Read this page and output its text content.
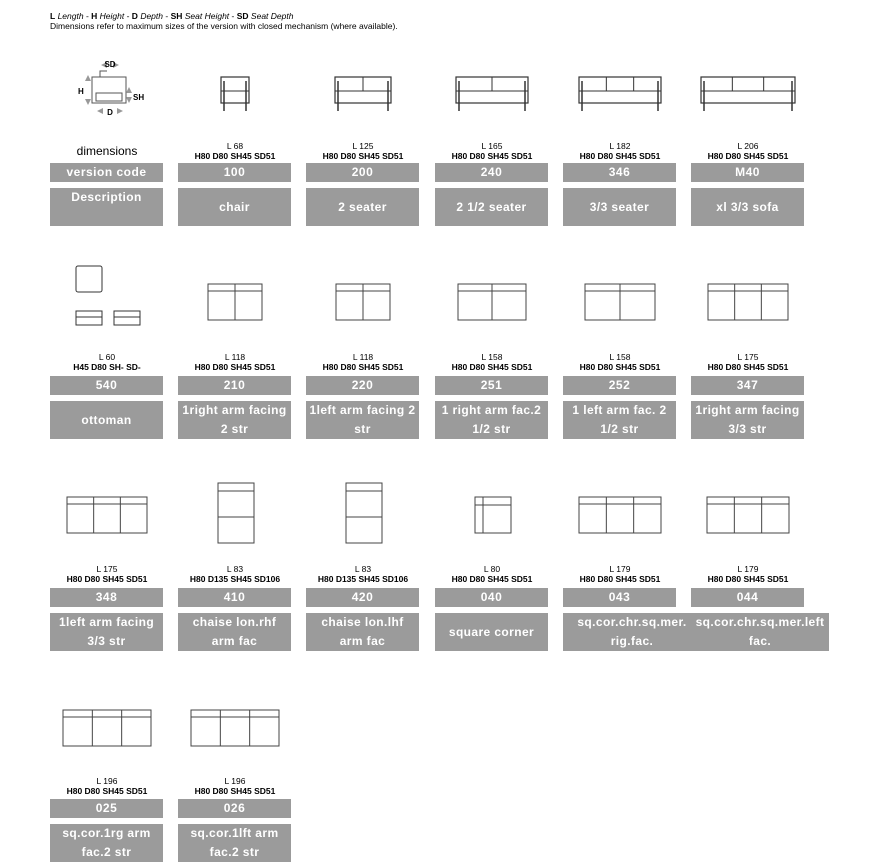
L Length - H Height - D Depth - SH Seat Height - SD Seat Depth
Dimensions refer to maximum sizes of the version with closed mechanism (where available).
SD
H
SH
D
dimensions
version code
Description
L 68
H80 D80 SH45 SD51
100
chair
L 125
H80 D80 SH45 SD51
200
2 seater
L 165
H80 D80 SH45 SD51
240
2 1/2 seater
L 182
H80 D80 SH45 SD51
346
3/3 seater
L 206
H80 D80 SH45 SD51
M40
xl 3/3 sofa
L 60
H45 D80 SH- SD-
540
ottoman
L 118
H80 D80 SH45 SD51
210
1right arm facing
2 str
L 118
H80 D80 SH45 SD51
220
1left arm facing 2
str
L 158
H80 D80 SH45 SD51
251
1 right arm fac.2
1/2 str
L 158
H80 D80 SH45 SD51
252
1 left arm fac. 2
1/2 str
L 175
H80 D80 SH45 SD51
347
1right arm facing
3/3 str
L 175
H80 D80 SH45 SD51
348
1left arm facing
3/3 str
L 83
H80 D135 SH45 SD106
410
chaise lon.rhf
arm fac
L 83
H80 D135 SH45 SD106
420
chaise lon.lhf
arm fac
L 80
H80 D80 SH45 SD51
040
square corner
L 179
H80 D80 SH45 SD51
043
sq.cor.chr.sq.mer.
rig.fac.
L 179
H80 D80 SH45 SD51
044
sq.cor.chr.sq.mer.left
fac.
L 196
H80 D80 SH45 SD51
025
sq.cor.1rg arm
fac.2 str
L 196
H80 D80 SH45 SD51
026
sq.cor.1lft arm
fac.2 str
